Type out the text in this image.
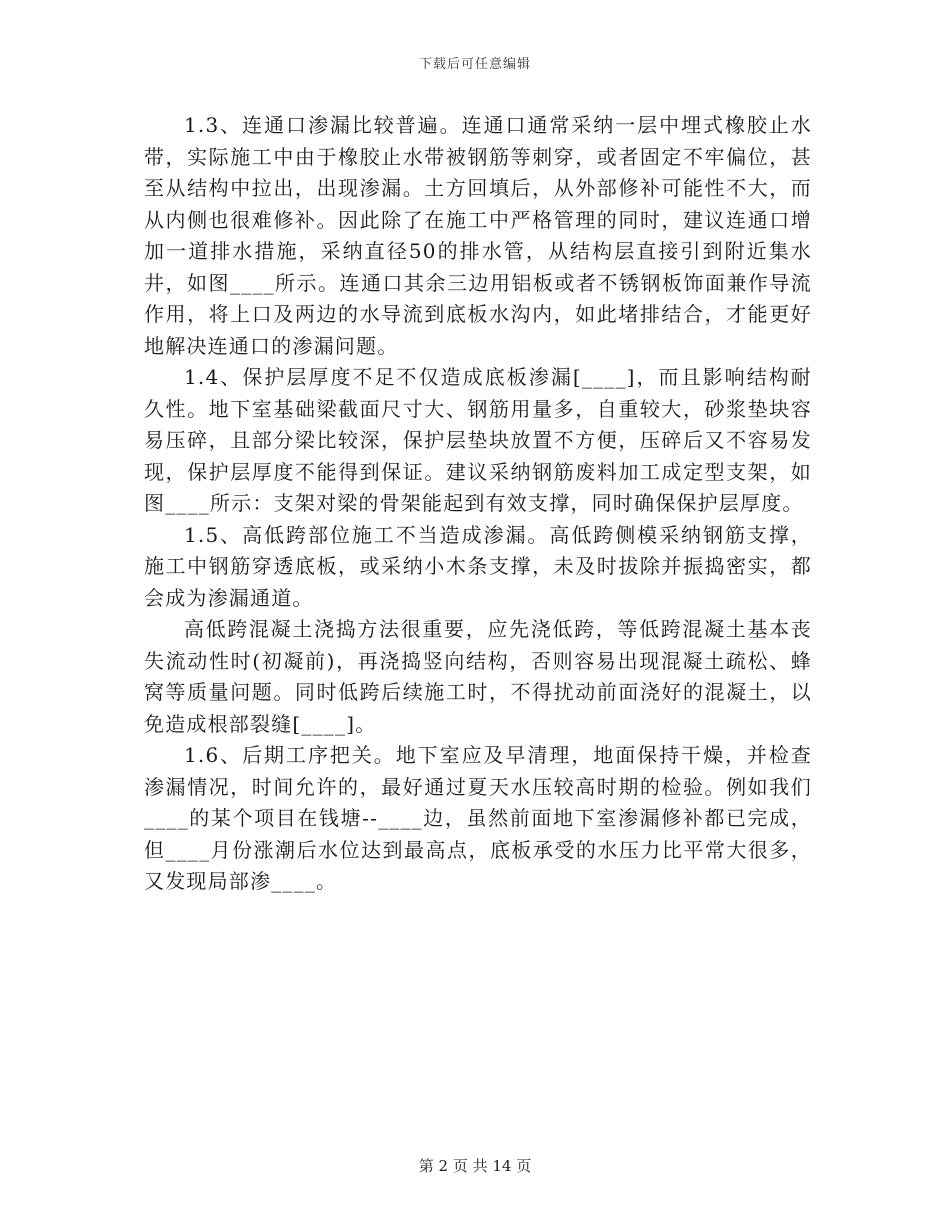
下载后可任意编辑

1.3、连通口渗漏比较普遍。连通口通常采纳一层中埋式橡胶止水带，实际施工中由于橡胶止水带被钢筋等刺穿，或者固定不牢偏位，甚至从结构中拉出，出现渗漏。土方回填后，从外部修补可能性不大，而从内侧也很难修补。因此除了在施工中严格管理的同时，建议连通口增加一道排水措施，采纳直径50的排水管，从结构层直接引到附近集水井，如图____所示。连通口其余三边用铝板或者不锈钢板饰面兼作导流作用，将上口及两边的水导流到底板水沟内，如此堵排结合，才能更好地解决连通口的渗漏问题。

1.4、保护层厚度不足不仅造成底板渗漏[____]，而且影响结构耐久性。地下室基础梁截面尺寸大、钢筋用量多，自重较大，砂浆垫块容易压碎，且部分梁比较深，保护层垫块放置不方便，压碎后又不容易发现，保护层厚度不能得到保证。建议采纳钢筋废料加工成定型支架，如图____所示：支架对梁的骨架能起到有效支撑，同时确保保护层厚度。

1.5、高低跨部位施工不当造成渗漏。高低跨侧模采纳钢筋支撑，施工中钢筋穿透底板，或采纳小木条支撑，未及时拔除并振捣密实，都会成为渗漏通道。

高低跨混凝土浇捣方法很重要，应先浇低跨，等低跨混凝土基本丧失流动性时(初凝前)，再浇捣竖向结构，否则容易出现混凝土疏松、蜂窝等质量问题。同时低跨后续施工时，不得扰动前面浇好的混凝土，以免造成根部裂缝[____]。

1.6、后期工序把关。地下室应及早清理，地面保持干燥，并检查渗漏情况，时间允许的，最好通过夏天水压较高时期的检验。例如我们____的某个项目在钱塘--____边，虽然前面地下室渗漏修补都已完成，但____月份涨潮后水位达到最高点，底板承受的水压力比平常大很多，又发现局部渗____。

第 2 页 共 14 页
